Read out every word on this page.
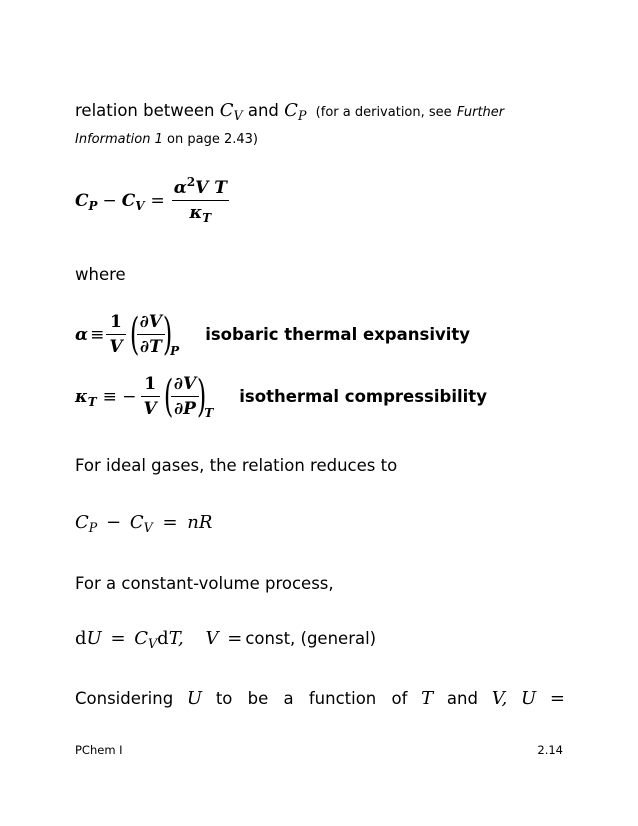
relation between $C_V$ and $C_P$ (for a derivation, see Further
Information 1 on page 2.43)
$C_P - C_V = \frac{\alpha^2V T}{\kappa_T}$
where
$\alpha \equiv \frac{1}{V}$ (
$\frac{\partial V}{\partial T}$
)
P
isobaric thermal expansivity
$\kappa_T$ ≡ − $\frac{1}{V}$ (
$\frac{\partial V}{\partial P}$
)
T
isothermal compressibility
For ideal gases, the relation reduces to
$C_P - C_V$ = nR
For a constant-volume process,
dU = $C_VdT$, V = const, (general)
Considering U to be a function of T and V, U =
PChem I	2.14
